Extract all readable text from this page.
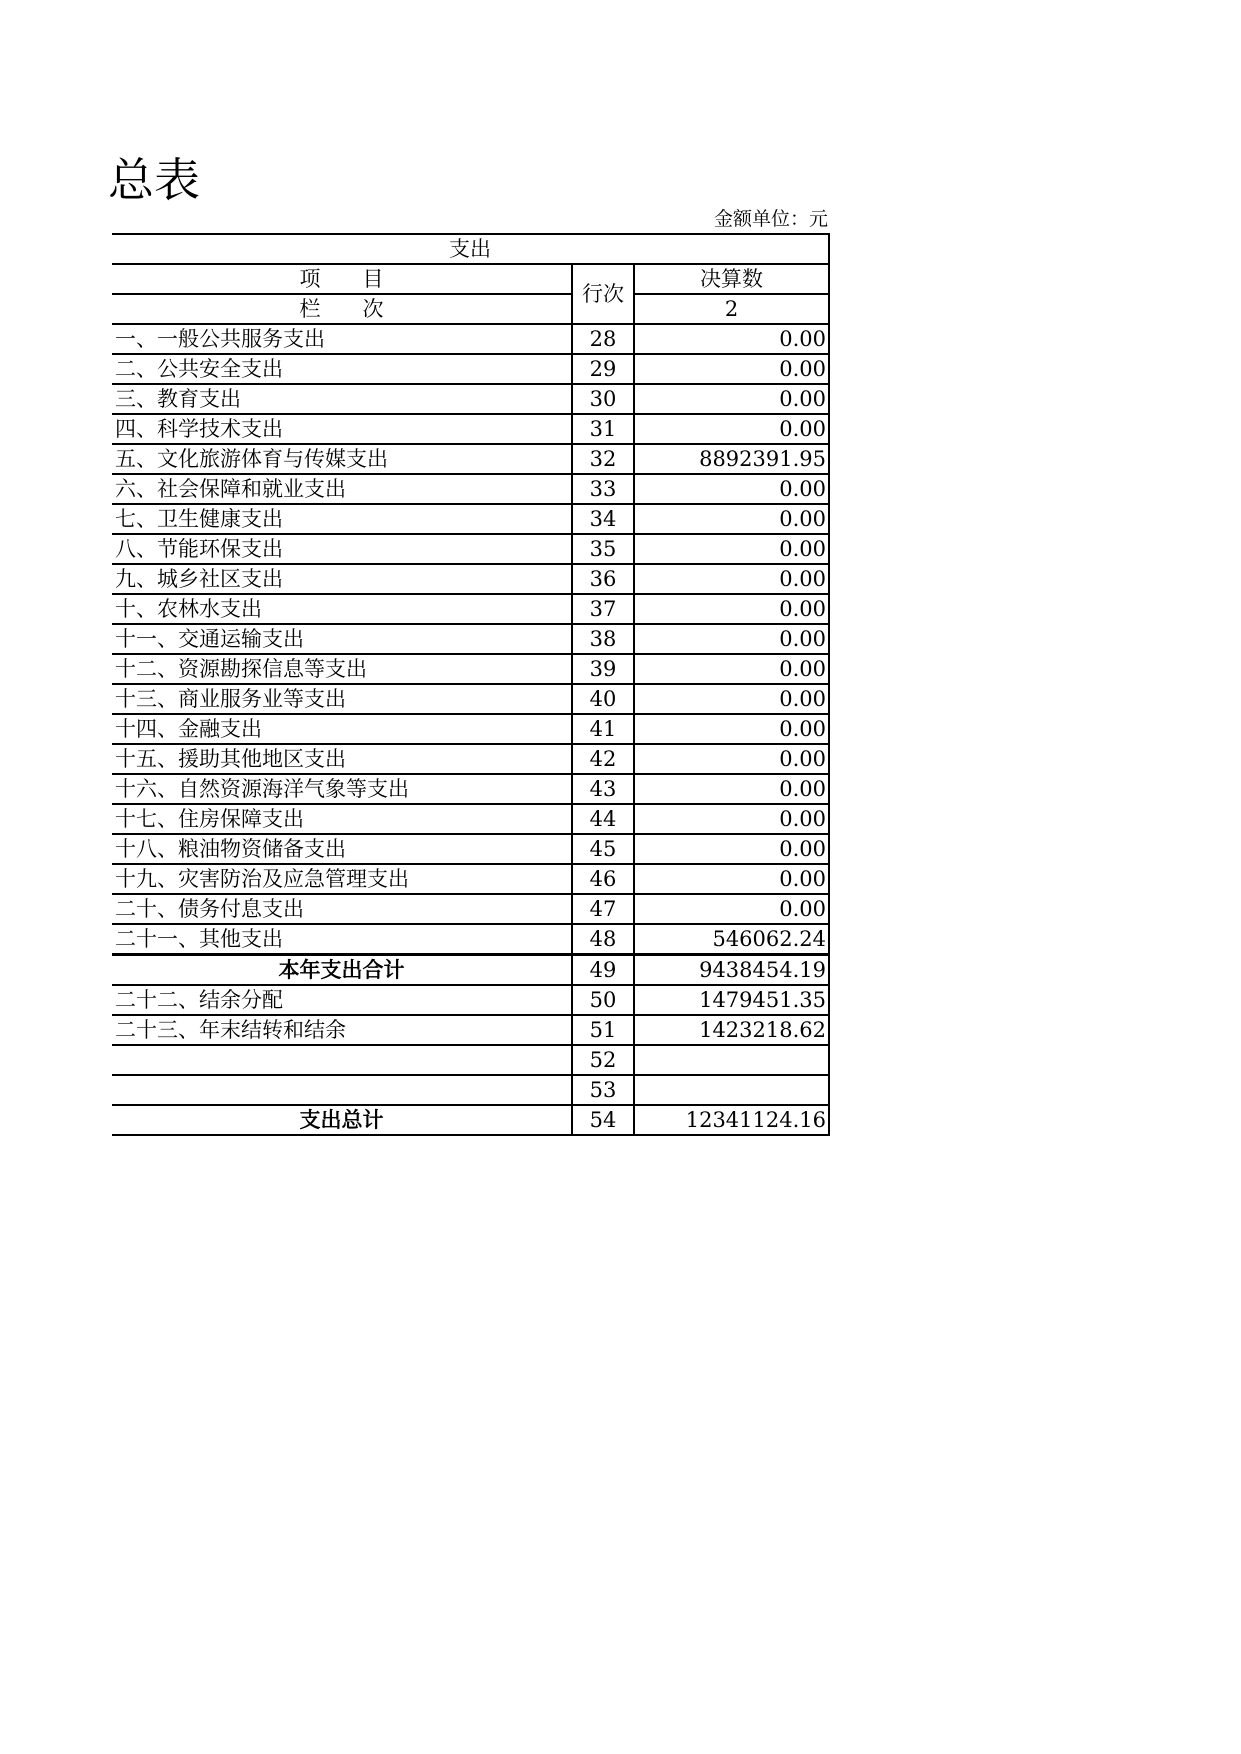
总表
金额单位：元
支出		
项　　目	行次	决算数
栏　　次		2
一、一般公共服务支出	28	0.00
二、公共安全支出	29	0.00
三、教育支出	30	0.00
四、科学技术支出	31	0.00
五、文化旅游体育与传媒支出	32	8892391.95
六、社会保障和就业支出	33	0.00
七、卫生健康支出	34	0.00
八、节能环保支出	35	0.00
九、城乡社区支出	36	0.00
十、农林水支出	37	0.00
十一、交通运输支出	38	0.00
十二、资源勘探信息等支出	39	0.00
十三、商业服务业等支出	40	0.00
十四、金融支出	41	0.00
十五、援助其他地区支出	42	0.00
十六、自然资源海洋气象等支出	43	0.00
十七、住房保障支出	44	0.00
十八、粮油物资储备支出	45	0.00
十九、灾害防治及应急管理支出	46	0.00
二十、债务付息支出	47	0.00
二十一、其他支出	48	546062.24
本年支出合计	49	9438454.19
二十二、结余分配	50	1479451.35
二十三、年末结转和结余	51	1423218.62
	52	
	53	
支出总计	54	12341124.16
